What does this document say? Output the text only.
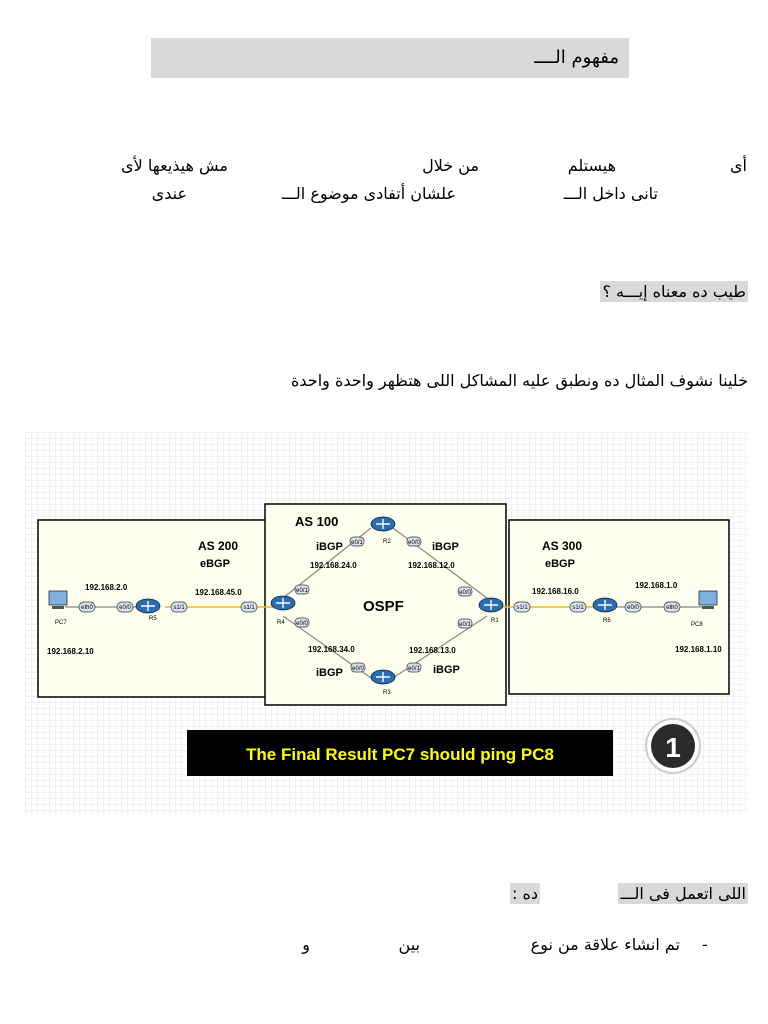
مفهوم الــــ
أى
هيستلم
من خلال
مش هيذيعها لأى
تانى داخل الـــ
علشان أتفادى موضوع الـــ
عندى
طيب ده معناه إيـــه ؟
خلينا نشوف المثال ده ونطبق عليه المشاكل اللى هتظهر واحدة واحدة
AS 200
eBGP
AS 100
OSPF
AS 300
eBGP
iBGP	iBGP
iBGP	iBGP
192.168.2.0
192.168.45.0
192.168.24.0	192.168.12.0
192.168.34.0	192.168.13.0
192.168.16.0
192.168.1.0
192.168.2.10	192.168.1.10
eth0	e0/0	s1/1	s1/1
e0/1
e0/0
e0/1	e0/0
e0/0
e0/1
e0/0	e0/1
s1/1	s1/1	e0/0	eth0
PC7
R5
R4
R2
R3
R1	R6
PC8
The Final Result PC7 should ping PC8	1
اللى اتعمل فى الـــ
ده :
-
تم انشاء علاقة من نوع
بين
و
